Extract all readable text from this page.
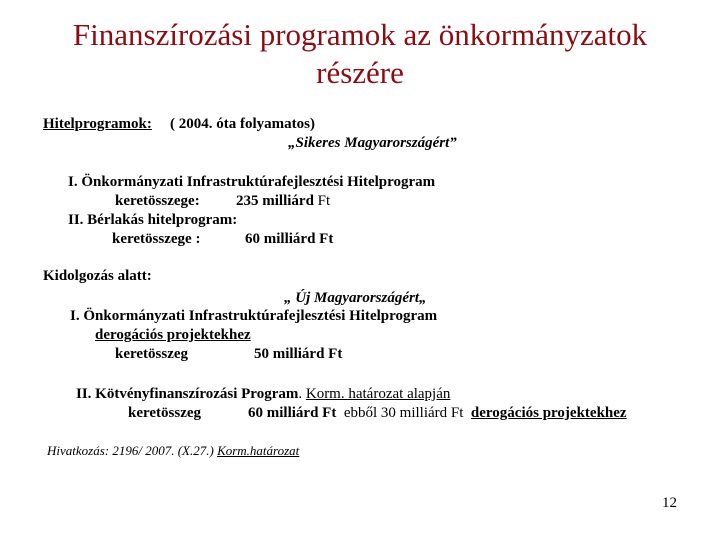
Finanszírozási programok az önkormányzatok
részére
Hitelprogramok: ( 2004. óta folyamatos)
„Sikeres Magyarországért”
I. Önkormányzati Infrastruktúrafejlesztési Hitelprogram
keretösszege: 235 milliárd Ft
II. Bérlakás hitelprogram:
keretösszege :	60 milliárd Ft
Kidolgozás alatt:
„ Új Magyarországért„
I. Önkormányzati Infrastruktúrafejlesztési Hitelprogram
derogációs projektekhez
keretösszeg	50 milliárd Ft
II. Kötvényfinanszírozási Program. Korm. határozat alapján
keretösszeg	60 milliárd Ft ebből 30 milliárd Ft derogációs projektekhez
Hivatkozás: 2196/ 2007. (X.27.) Korm.határozat
12
